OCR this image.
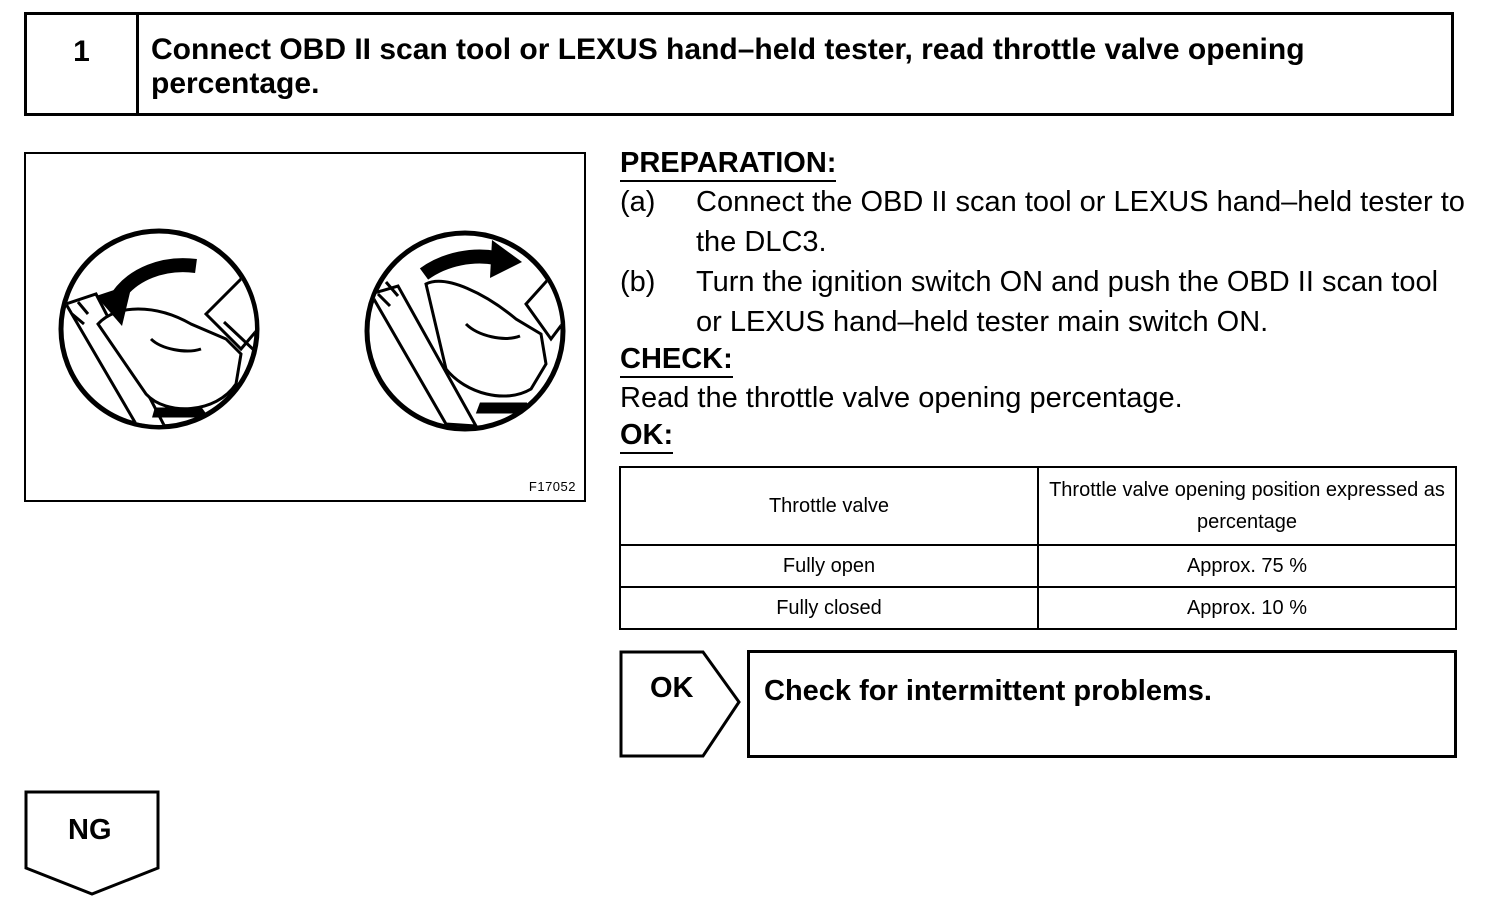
1	Connect OBD II scan tool or LEXUS hand–held tester, read throttle valve opening percentage.
F17052
PREPARATION:
(a)	Connect the OBD II scan tool or LEXUS hand–held tester to the DLC3.
(b)	Turn the ignition switch ON and push the OBD II scan tool or LEXUS hand–held tester main switch ON.
CHECK:
Read the throttle valve opening percentage.
OK:
Throttle valve	Throttle valve opening position expressed as percentage
Fully open	Approx. 75 %
Fully closed	Approx. 10 %
OK	Check for intermittent problems.
NG
